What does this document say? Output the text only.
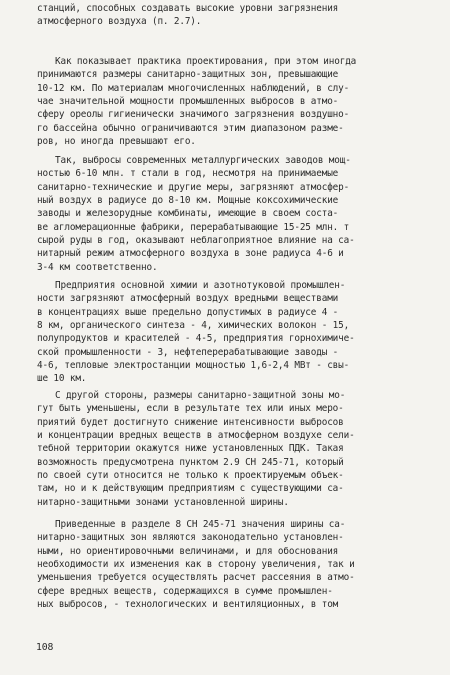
станций, способных создавать высокие уровни загрязнения
атмосферного воздуха (п. 2.7).
Как показывает практика проектирования, при этом иногда
принимаются размеры санитарно-защитных зон, превышающие
10-12 км. По материалам многочисленных наблюдений, в слу-
чае значительной мощности промышленных выбросов в атмо-
сферу ореолы гигиенически значимого загрязнения воздушно-
го бассейна обычно ограничиваются этим диапазоном разме-
ров, но иногда превышают его.
Так, выбросы современных металлургических заводов мощ-
ностью 6-10 млн. т стали в год, несмотря на принимаемые
санитарно-технические и другие меры, загрязняют атмосфер-
ный воздух в радиусе до 8-10 км. Мощные коксохимические
заводы и железорудные комбинаты, имеющие в своем соста-
ве агломерационные фабрики, перерабатывающие 15-25 млн. т
сырой руды в год, оказывают неблагоприятное влияние на са-
нитарный режим атмосферного воздуха в зоне радиуса 4-6 и
3-4 км соответственно.
Предприятия основной химии и азотнотуковой промышлен-
ности загрязняют атмосферный воздух вредными веществами
в концентрациях выше предельно допустимых в радиусе 4 -
8 км, органического синтеза - 4, химических волокон - 15,
полупродуктов и красителей - 4-5, предприятия горнохимиче-
ской промышленности - 3, нефтеперерабатывающие заводы -
4-6, тепловые электростанции мощностью 1,6-2,4 МВт - свы-
ше 10 км.
С другой стороны, размеры санитарно-защитной зоны мо-
гут быть уменьшены, если в результате тех или иных меро-
приятий будет достигнуто снижение интенсивности выбросов
и концентрации вредных веществ в атмосферном воздухе сели-
тебной территории окажутся ниже установленных ПДК. Такая
возможность предусмотрена пунктом 2.9 СН 245-71, который
по своей сути относится не только к проектируемым объек-
там, но и к действующим предприятиям с существующими са-
нитарно-защитными зонами установленной ширины.
Приведенные в разделе 8 СН 245-71 значения ширины са-
нитарно-защитных зон являются законодательно установлен-
ными, но ориентировочными величинами, и для обоснования
необходимости их изменения как в сторону увеличения, так и
уменьшения требуется осуществлять расчет рассеяния в атмо-
сфере вредных веществ, содержащихся в сумме промышлен-
ных выбросов, - технологических и вентиляционных, в том
108
